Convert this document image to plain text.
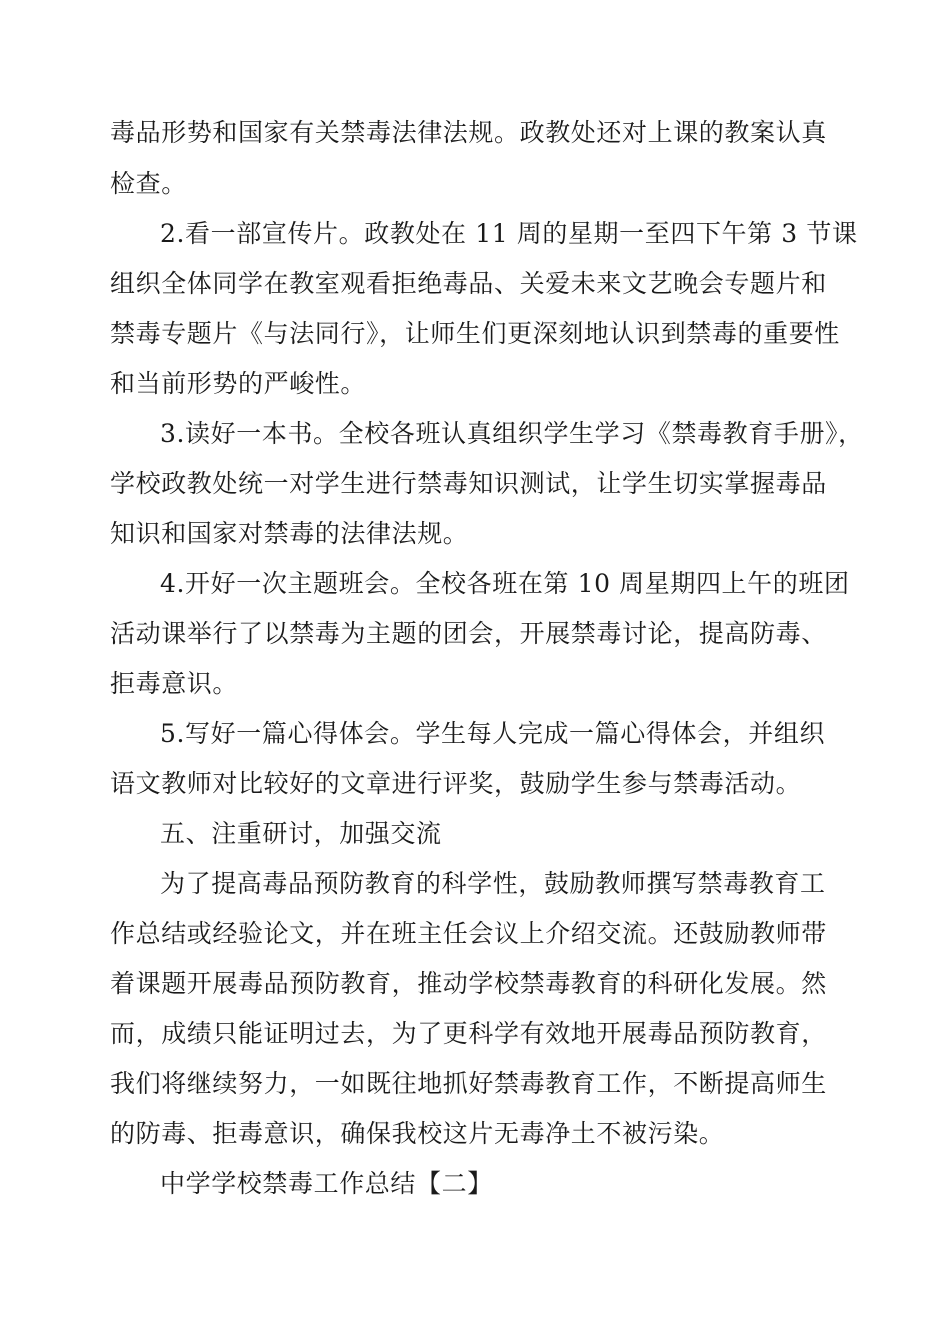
毒品形势和国家有关禁毒法律法规。政教处还对上课的教案认真
检查。
2.看一部宣传片。政教处在 11 周的星期一至四下午第 3 节课
组织全体同学在教室观看拒绝毒品、关爱未来文艺晚会专题片和
禁毒专题片《与法同行》，让师生们更深刻地认识到禁毒的重要性
和当前形势的严峻性。
3.读好一本书。全校各班认真组织学生学习《禁毒教育手册》，
学校政教处统一对学生进行禁毒知识测试，让学生切实掌握毒品
知识和国家对禁毒的法律法规。
4.开好一次主题班会。全校各班在第 10 周星期四上午的班团
活动课举行了以禁毒为主题的团会，开展禁毒讨论，提高防毒、
拒毒意识。
5.写好一篇心得体会。学生每人完成一篇心得体会，并组织
语文教师对比较好的文章进行评奖，鼓励学生参与禁毒活动。
五、注重研讨，加强交流
为了提高毒品预防教育的科学性，鼓励教师撰写禁毒教育工
作总结或经验论文，并在班主任会议上介绍交流。还鼓励教师带
着课题开展毒品预防教育，推动学校禁毒教育的科研化发展。然
而，成绩只能证明过去，为了更科学有效地开展毒品预防教育，
我们将继续努力，一如既往地抓好禁毒教育工作，不断提高师生
的防毒、拒毒意识，确保我校这片无毒净土不被污染。
中学学校禁毒工作总结【二】
